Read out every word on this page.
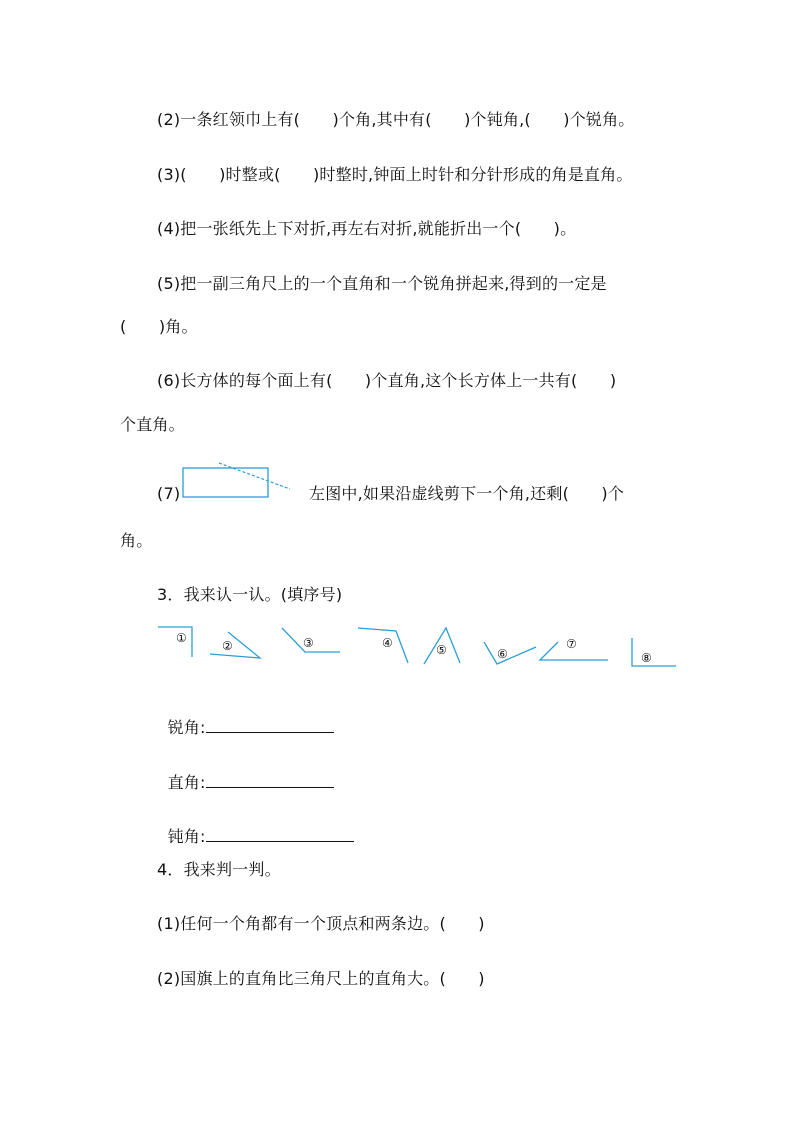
(2)一条红领巾上有(　　)个角,其中有(　　)个钝角,(　　)个锐角。
(3)(　　)时整或(　　)时整时,钟面上时针和分针形成的角是直角。
(4)把一张纸先上下对折,再左右对折,就能折出一个(　　)。
(5)把一副三角尺上的一个直角和一个锐角拼起来,得到的一定是
(　　)角。
(6)长方体的每个面上有(　　)个直角,这个长方体上一共有(　　)
个直角。
(7)	左图中,如果沿虚线剪下一个角,还剩(　　)个
角。
3．我来认一认。(填序号)
①
②	③	④	⑤	⑥
⑦
⑧

锐角:

直角:

钝角:

4．我来判一判。
(1)任何一个角都有一个顶点和两条边。(　　)
(2)国旗上的直角比三角尺上的直角大。(　　)
